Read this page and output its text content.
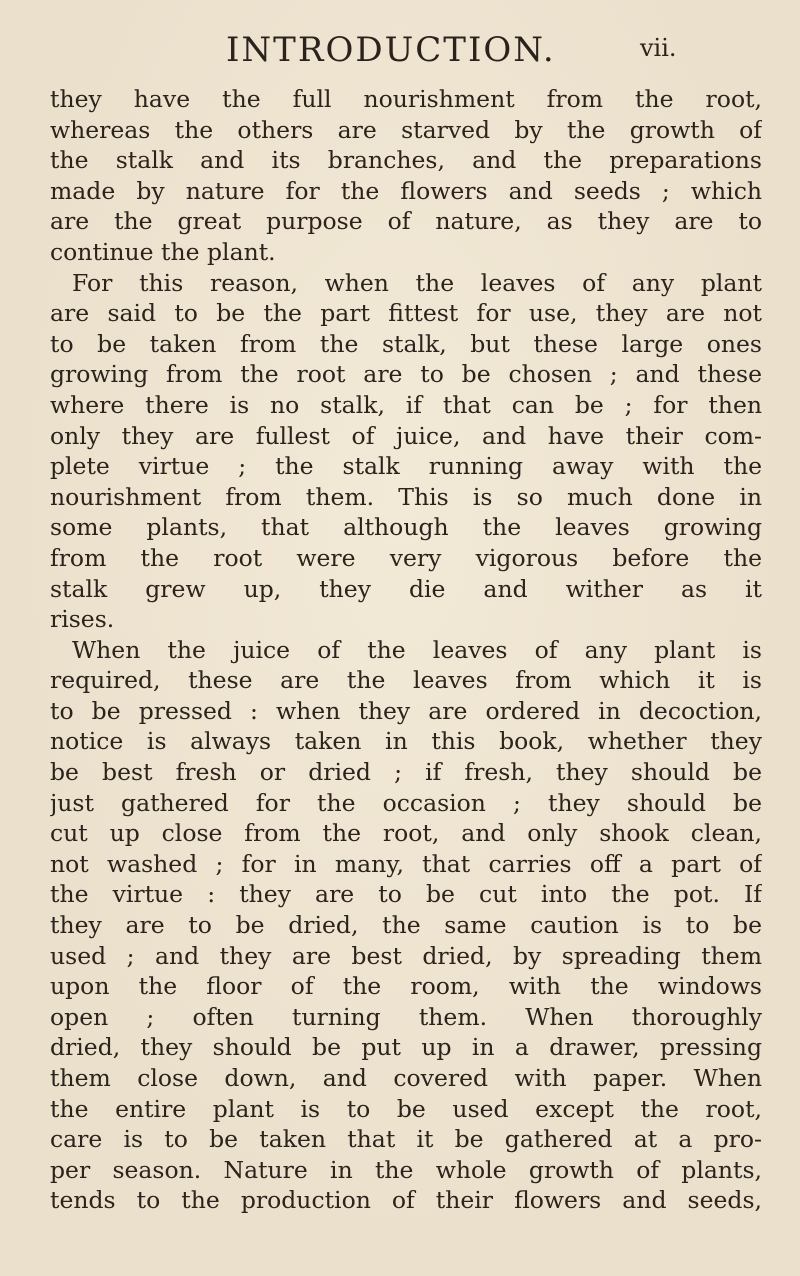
INTRODUCTION.	vii.
they have the full nourishment from the root,
whereas the others are starved by the growth of
the stalk and its branches, and the preparations
made by nature for the flowers and seeds ; which
are the great purpose of nature, as they are to
continue the plant.
For this reason, when the leaves of any plant
are said to be the part fittest for use, they are not
to be taken from the stalk, but these large ones
growing from the root are to be chosen ; and these
where there is no stalk, if that can be ; for then
only they are fullest of juice, and have their com-
plete virtue ; the stalk running away with the
nourishment from them. This is so much done in
some plants, that although the leaves growing
from the root were very vigorous before the
stalk grew up, they die and wither as it
rises.
When the juice of the leaves of any plant is
required, these are the leaves from which it is
to be pressed : when they are ordered in decoction,
notice is always taken in this book, whether they
be best fresh or dried ; if fresh, they should be
just gathered for the occasion ; they should be
cut up close from the root, and only shook clean,
not washed ; for in many, that carries off a part of
the virtue : they are to be cut into the pot. If
they are to be dried, the same caution is to be
used ; and they are best dried, by spreading them
upon the floor of the room, with the windows
open ; often turning them. When thoroughly
dried, they should be put up in a drawer, pressing
them close down, and covered with paper. When
the entire plant is to be used except the root,
care is to be taken that it be gathered at a pro-
per season. Nature in the whole growth of plants,
tends to the production of their flowers and seeds,
